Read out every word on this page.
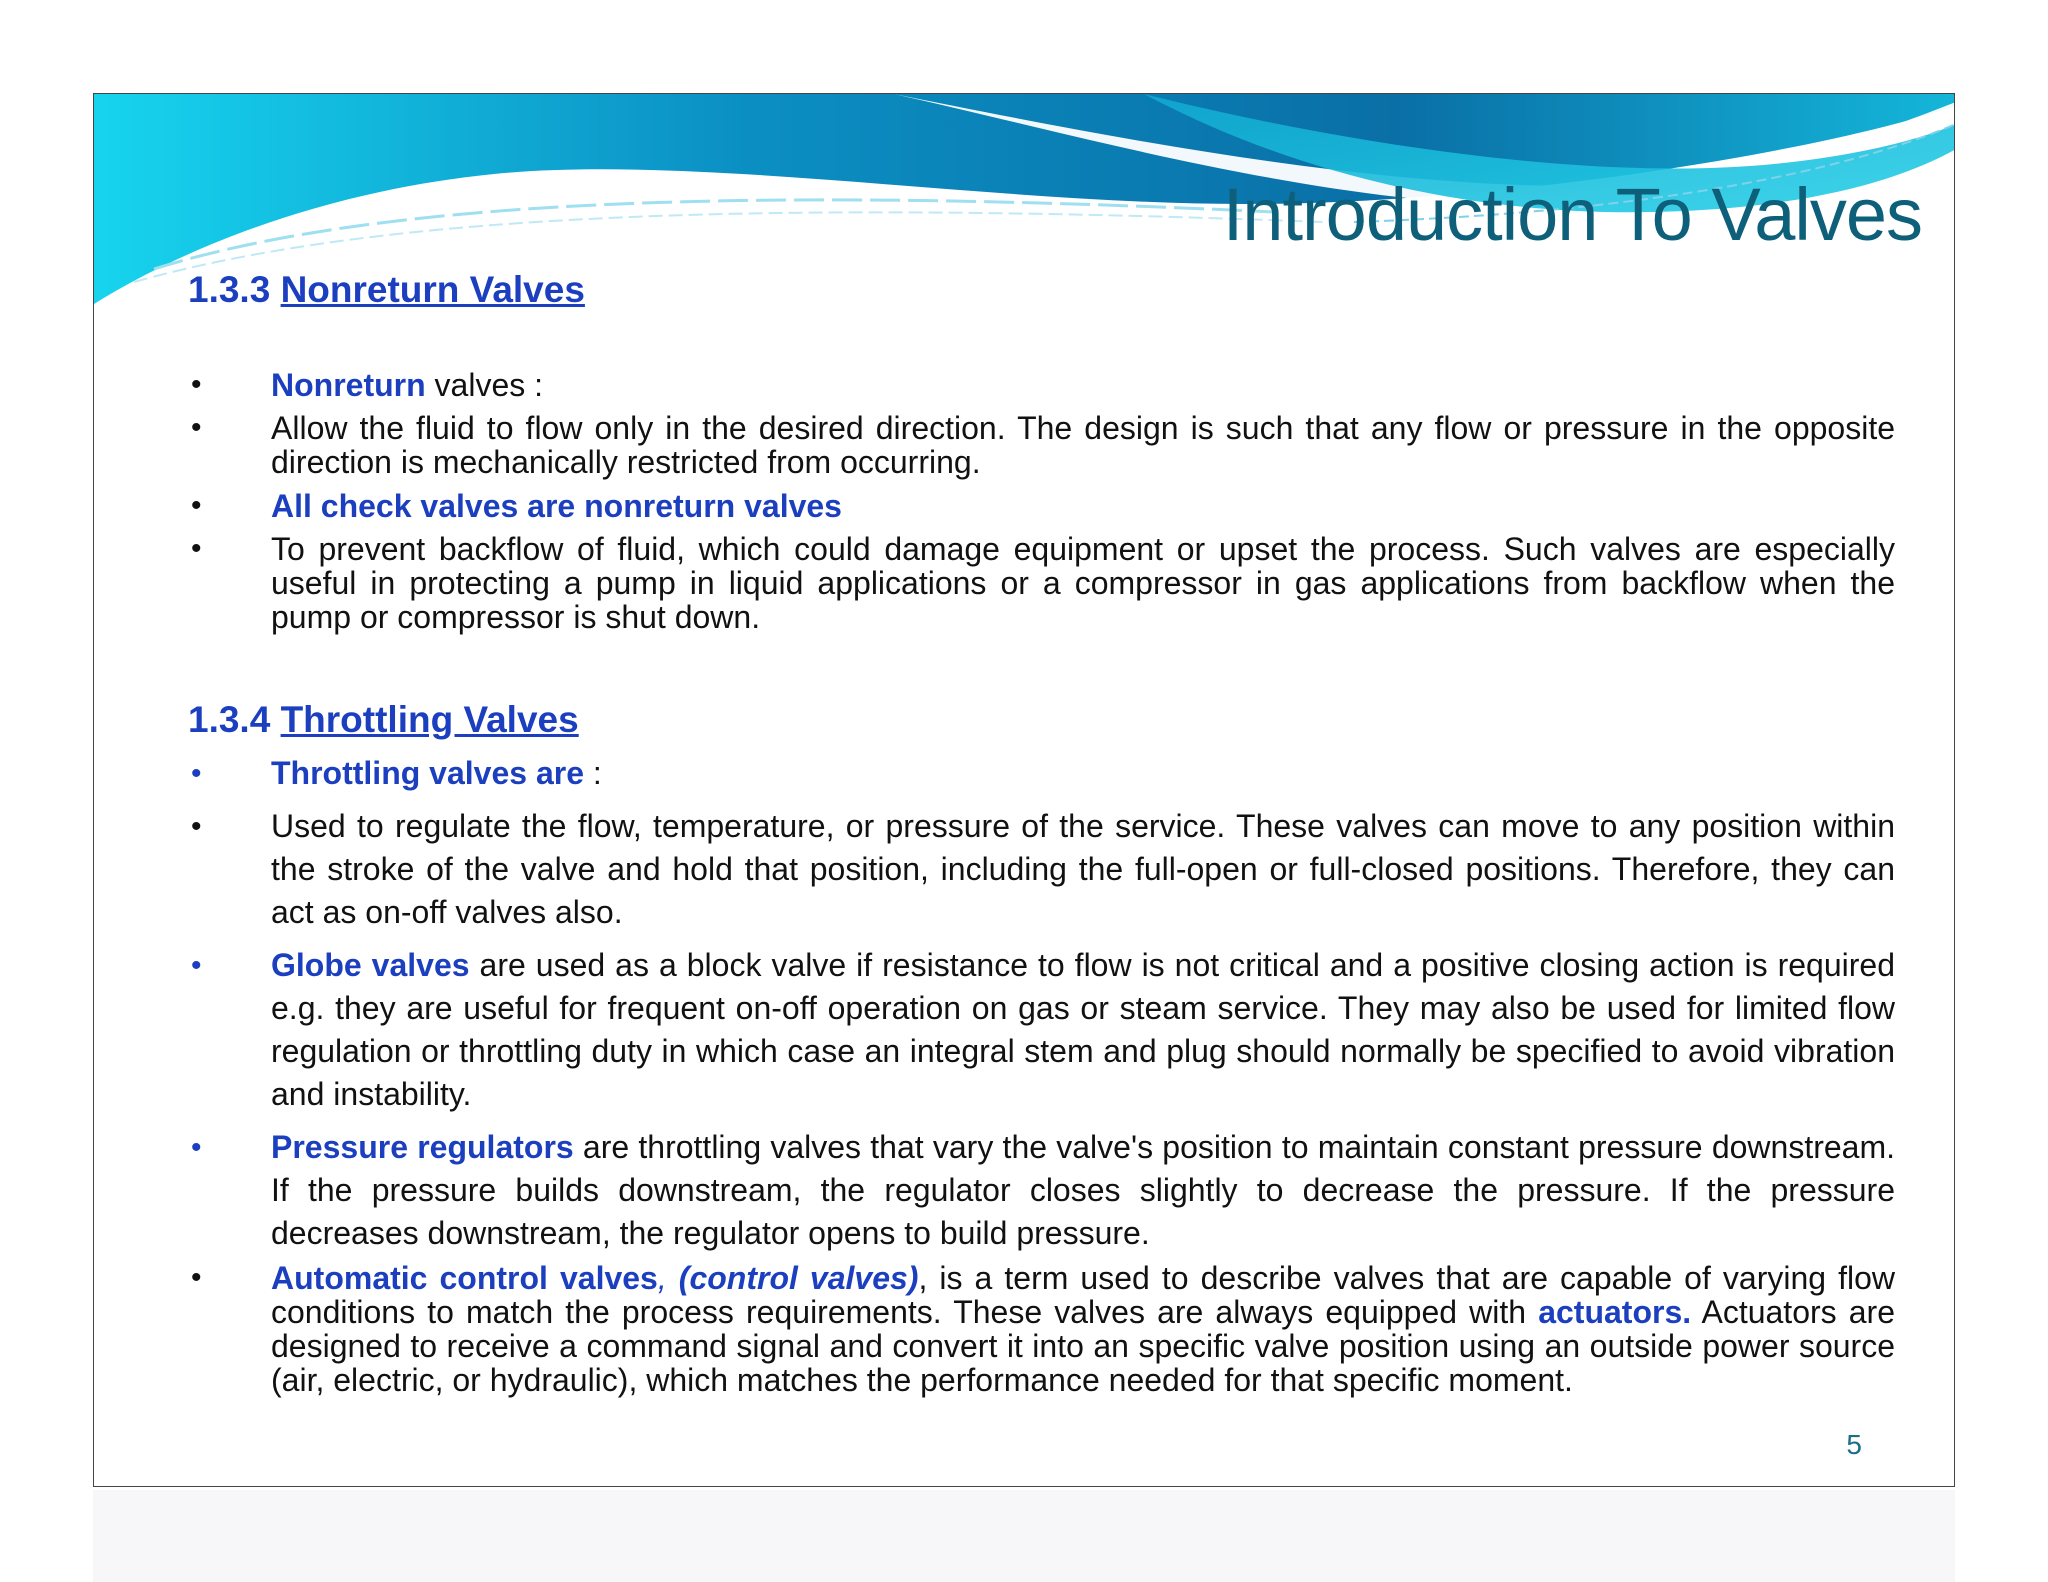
Introduction To Valves
1.3.3 Nonreturn Valves
• Nonreturn valves :
• Allow the fluid to flow only in the desired direction. The design is such that any flow or pressure in the opposite direction is mechanically restricted from occurring.
• All check valves are nonreturn valves
• To prevent backflow of fluid, which could damage equipment or upset the process. Such valves are especially useful in protecting a pump in liquid applications or a compressor in gas applications from backflow when the pump or compressor is shut down.
1.3.4 Throttling Valves
• Throttling valves are :
• Used to regulate the flow, temperature, or pressure of the service. These valves can move to any position within the stroke of the valve and hold that position, including the full-open or full-closed positions. Therefore, they can act as on-off valves also.
• Globe valves are used as a block valve if resistance to flow is not critical and a positive closing action is required e.g. they are useful for frequent on-off operation on gas or steam service. They may also be used for limited flow regulation or throttling duty in which case an integral stem and plug should normally be specified to avoid vibration and instability.
• Pressure regulators are throttling valves that vary the valve's position to maintain constant pressure downstream. If the pressure builds downstream, the regulator closes slightly to decrease the pressure. If the pressure decreases downstream, the regulator opens to build pressure.
• Automatic control valves, (control valves), is a term used to describe valves that are capable of varying flow conditions to match the process requirements. These valves are always equipped with actuators. Actuators are designed to receive a command signal and convert it into an specific valve position using an outside power source (air, electric, or hydraulic), which matches the performance needed for that specific moment.
5
